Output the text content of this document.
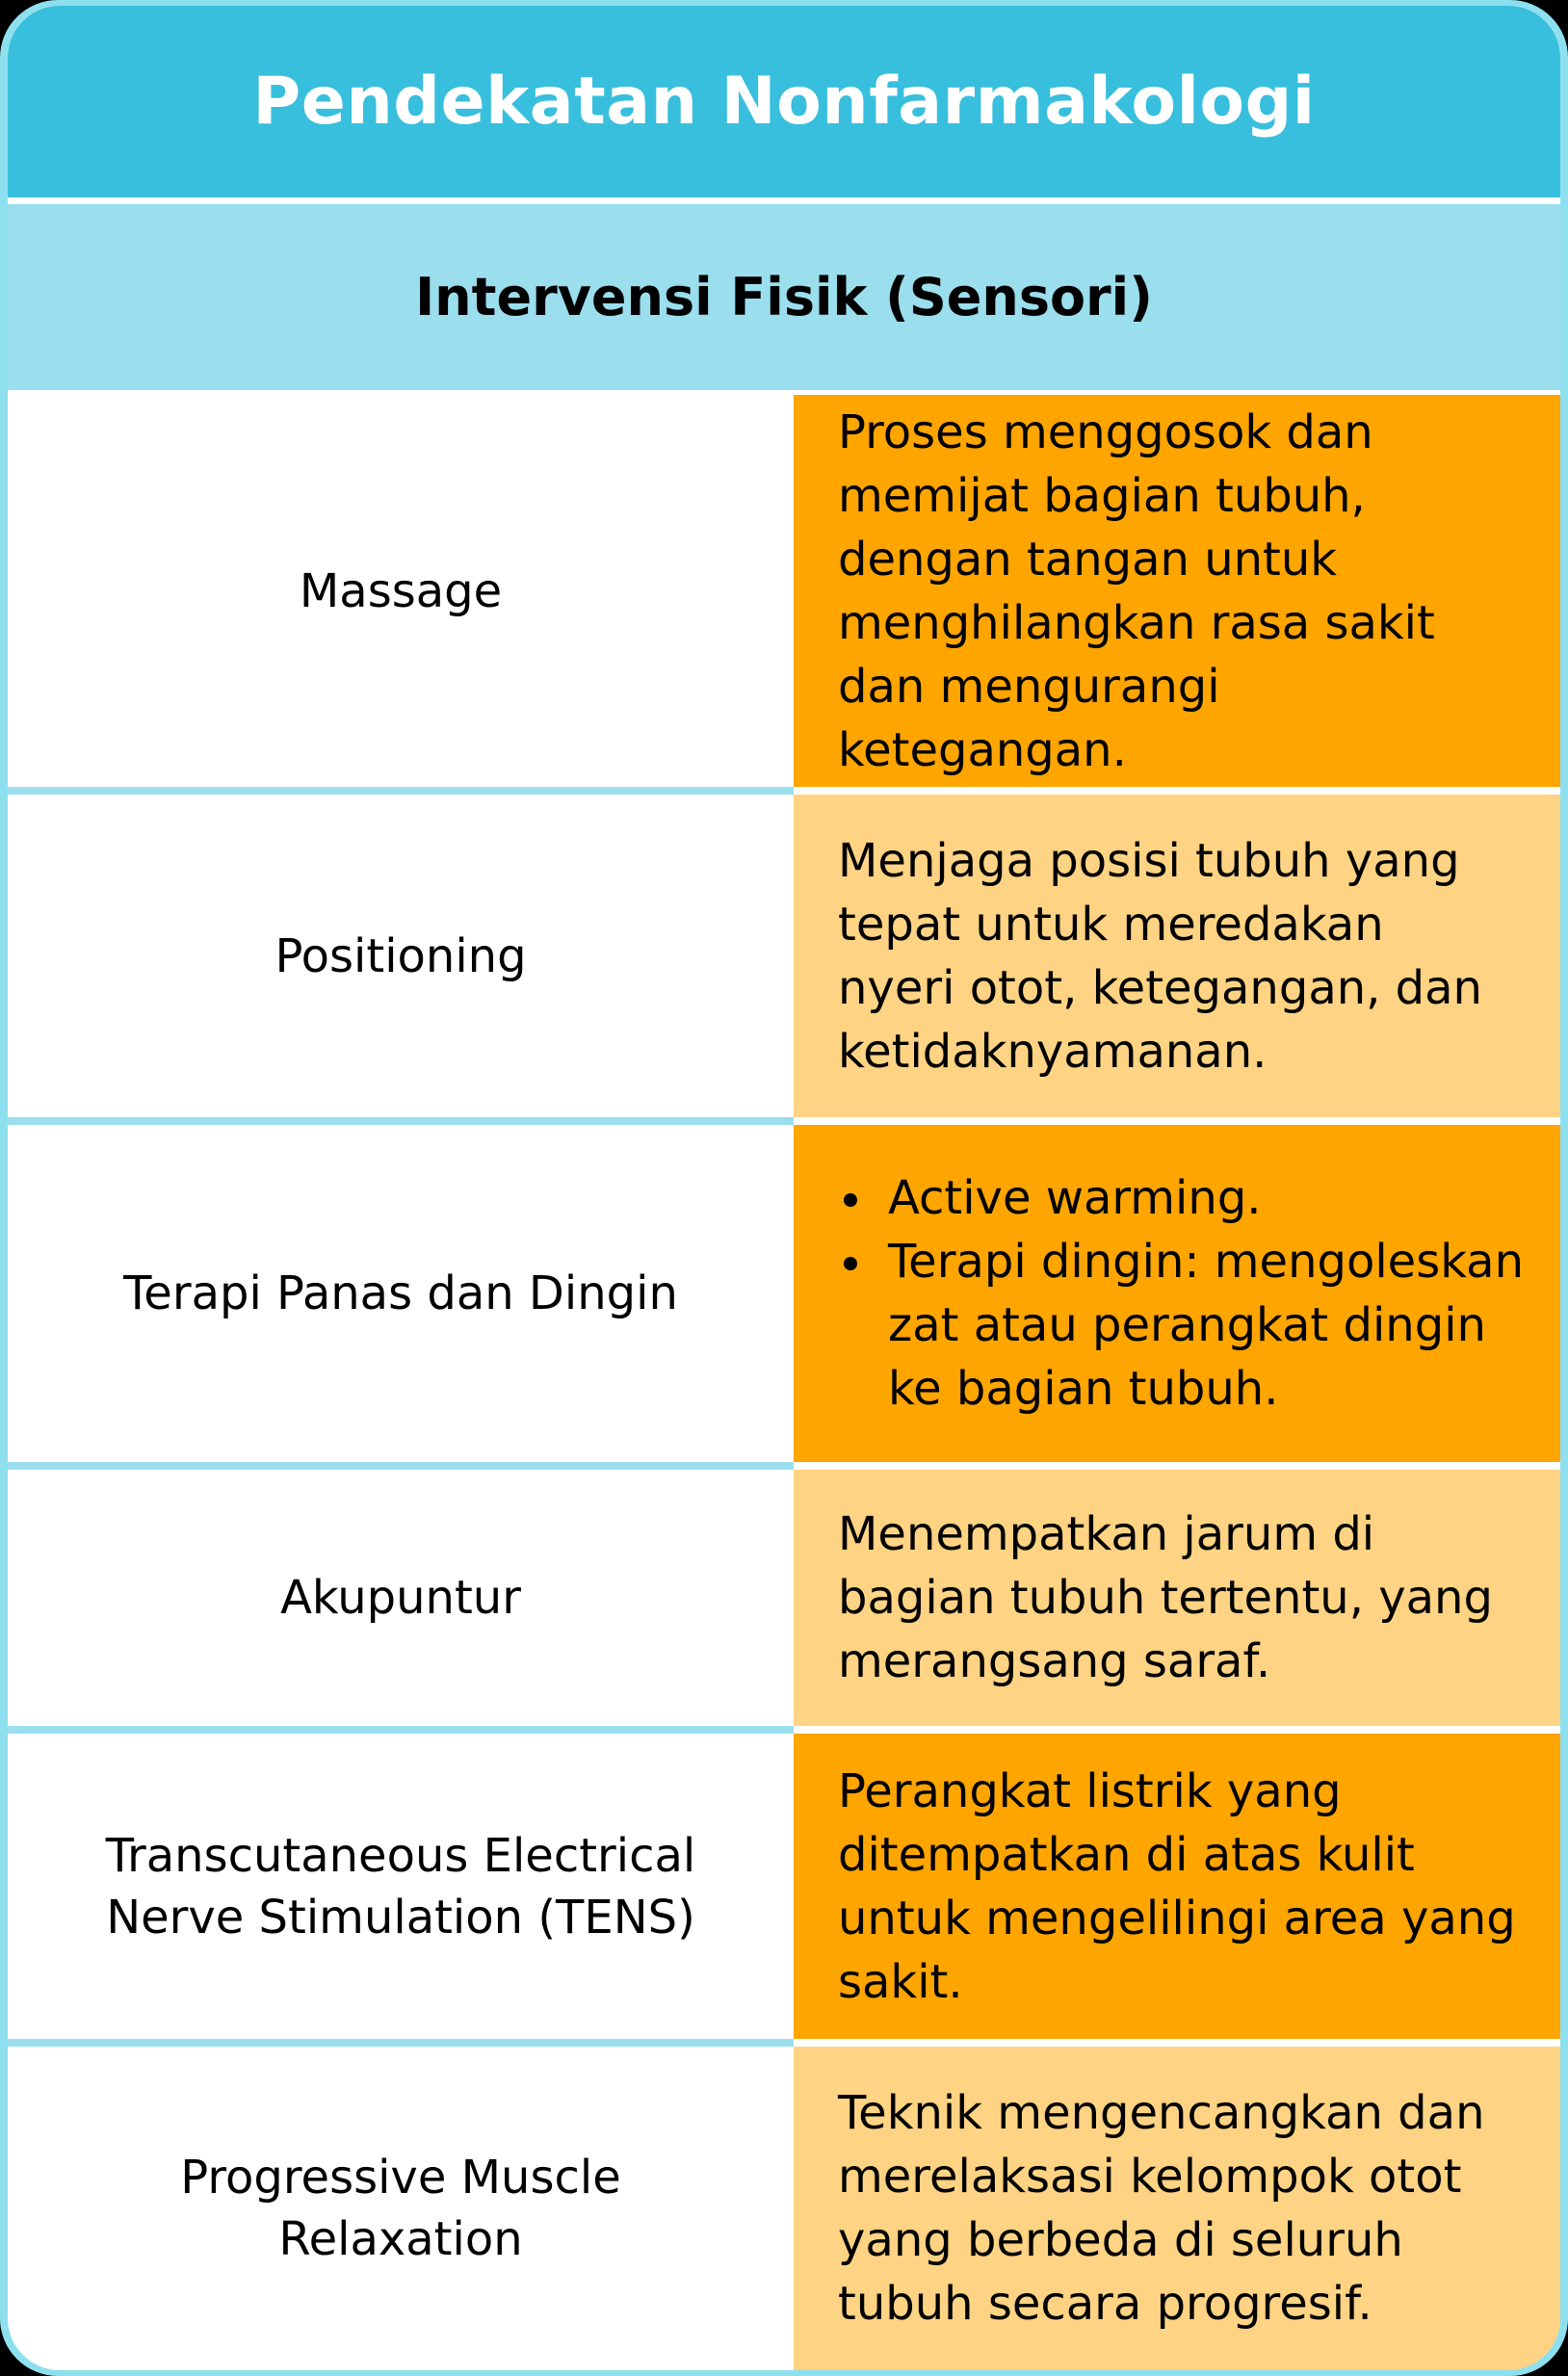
Pendekatan Nonfarmakologi
Intervensi Fisik (Sensori)
Massage

Proses menggosok dan memijat bagian tubuh, dengan tangan untuk menghilangkan rasa sakit dan mengurangi ketegangan.

Positioning

Menjaga posisi tubuh yang tepat untuk meredakan nyeri otot, ketegangan, dan ketidaknyamanan.

Terapi Panas dan Dingin
Active warming.
Terapi dingin: mengoleskan zat atau perangkat dingin ke bagian tubuh.
Akupuntur

Menempatkan jarum di bagian tubuh tertentu, yang merangsang saraf.

Transcutaneous Electrical Nerve Stimulation (TENS)

Perangkat listrik yang ditempatkan di atas kulit untuk mengelilingi area yang sakit.

Progressive Muscle Relaxation

Teknik mengencangkan dan merelaksasi kelompok otot yang berbeda di seluruh tubuh secara progresif.
